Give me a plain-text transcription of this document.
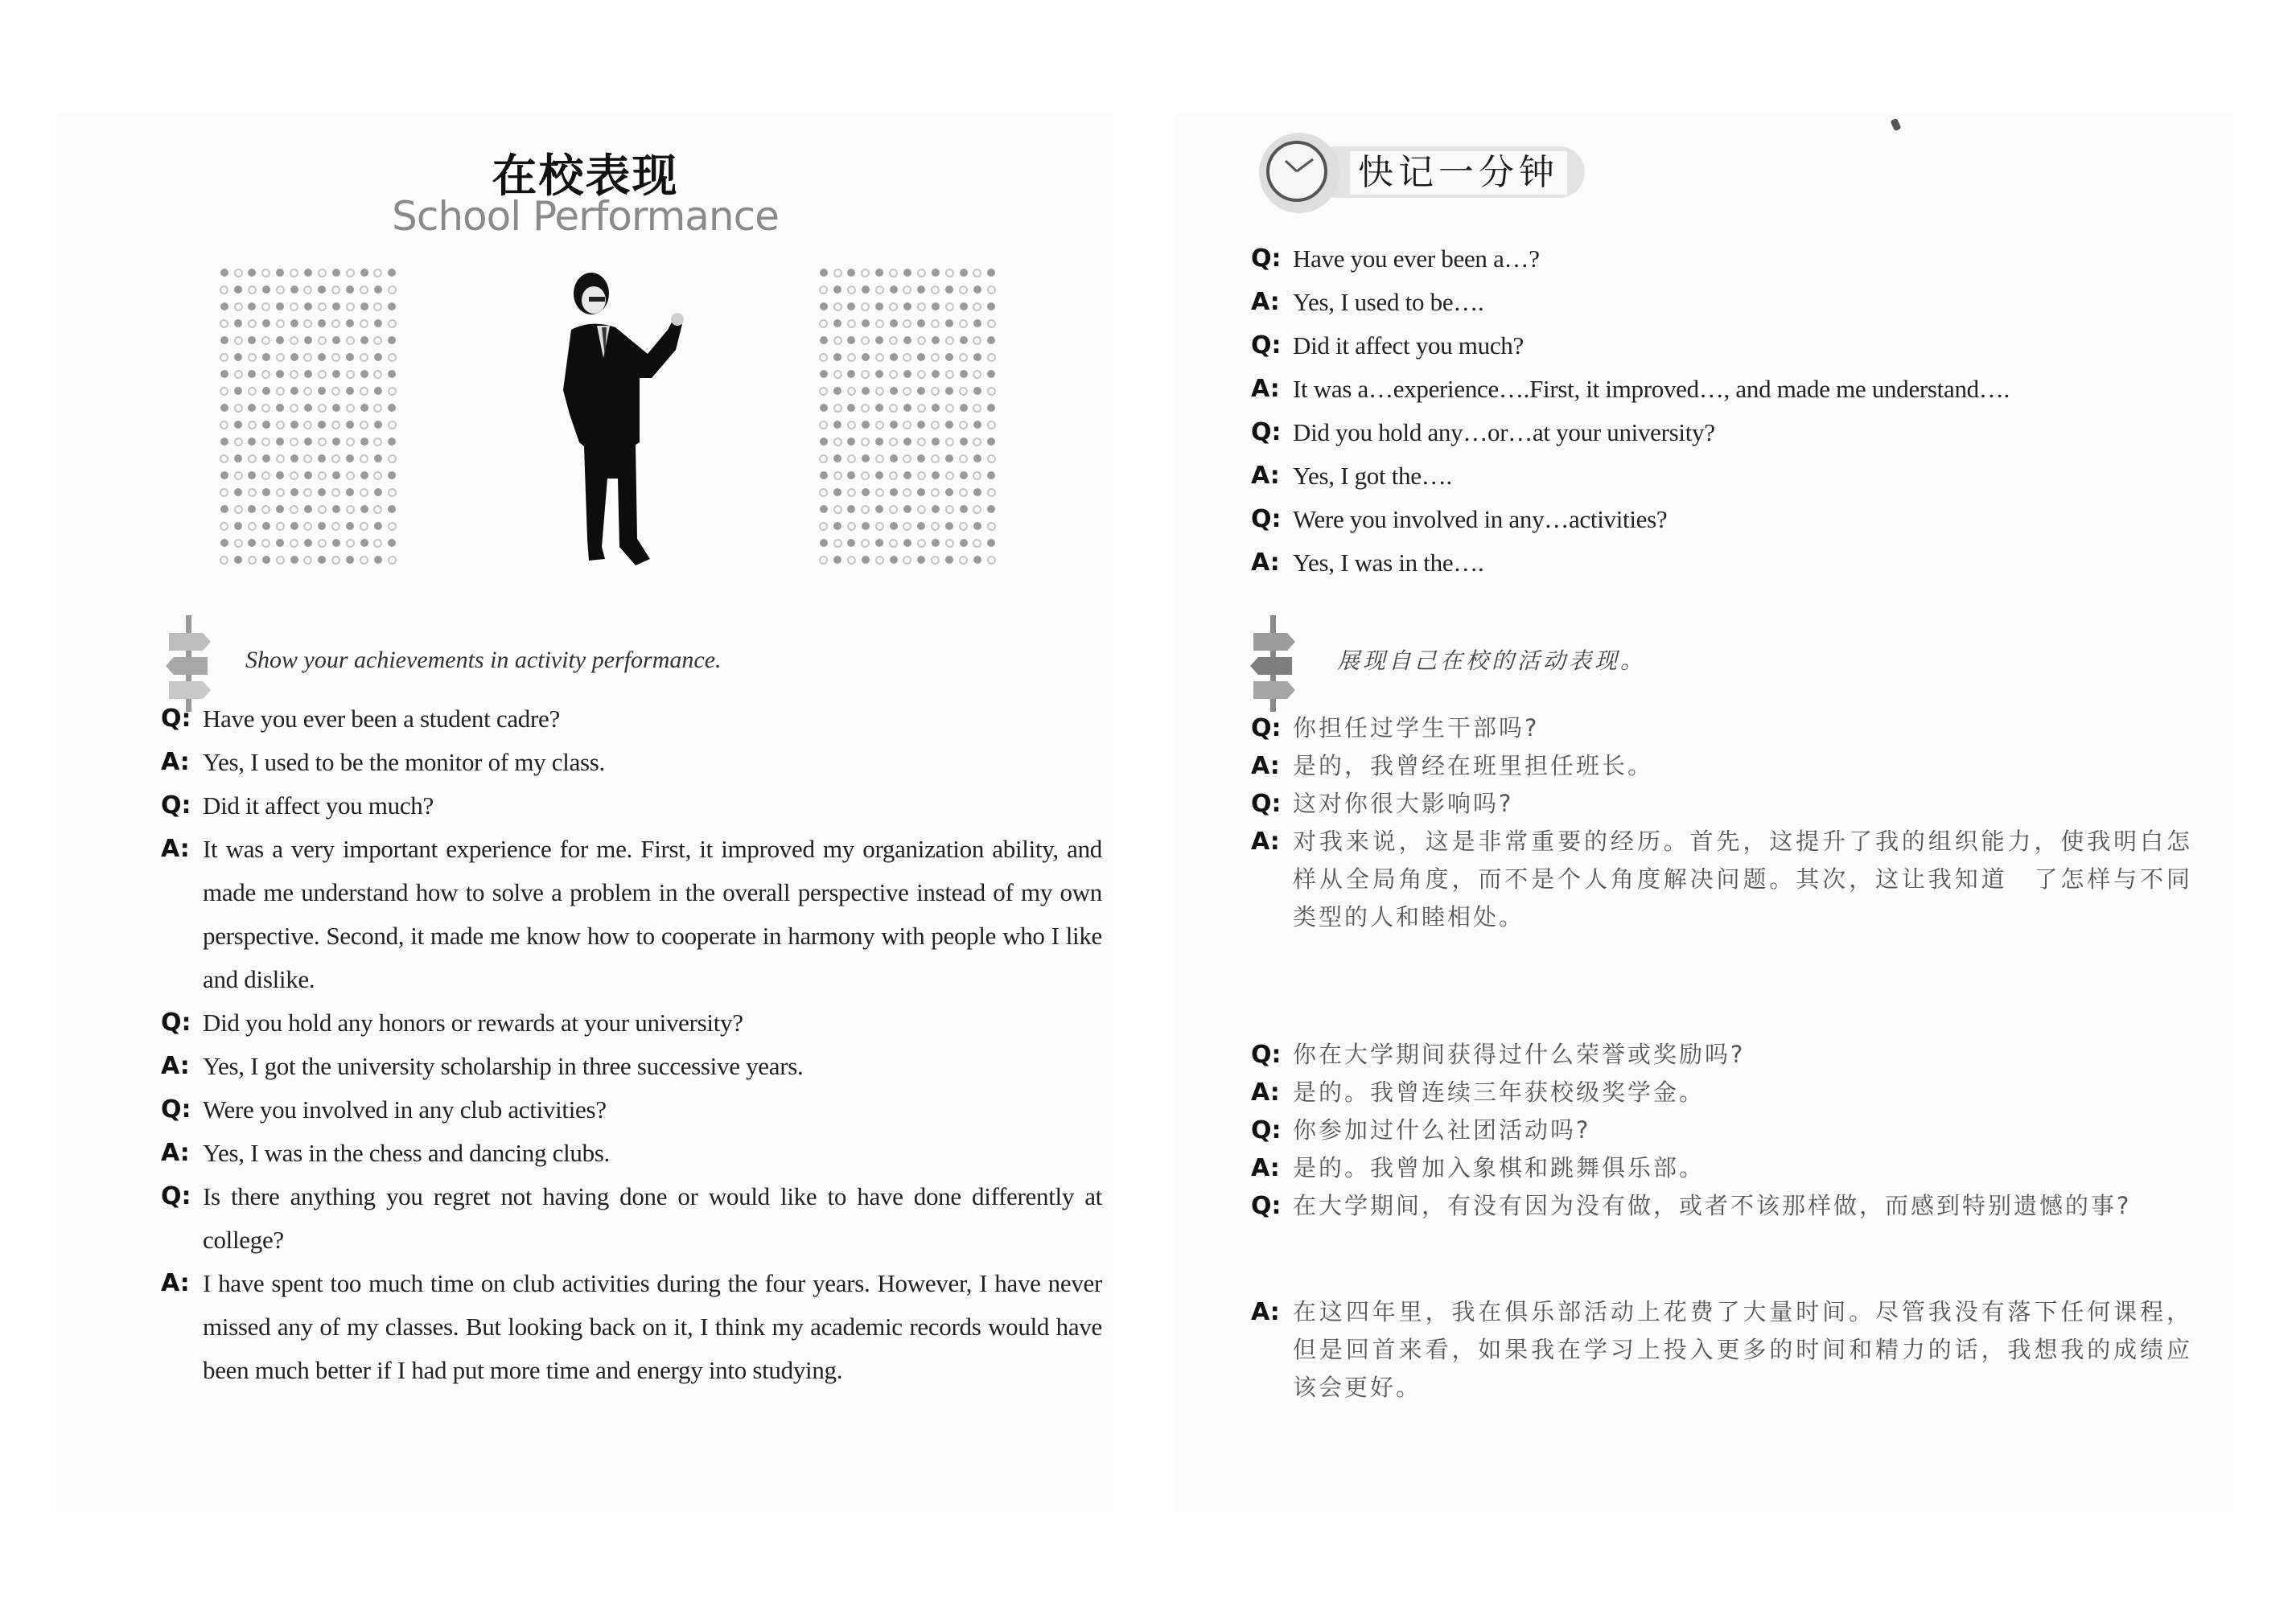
在校表现
School Performance
Show your achievements in activity performance.
Q: Have you ever been a student cadre?
A: Yes, I used to be the monitor of my class.
Q: Did it affect you much?
A: It was a very important experience for me. First, it improved my organization ability, and made me understand how to solve a problem in the overall perspective instead of my own perspective. Second, it made me know how to cooperate in harmony with people who I like and dislike.
Q: Did you hold any honors or rewards at your university?
A: Yes, I got the university scholarship in three successive years.
Q: Were you involved in any club activities?
A: Yes, I was in the chess and dancing clubs.
Q: Is there anything you regret not having done or would like to have done differently at college?
A: I have spent too much time on club activities during the four years. However, I have never missed any of my classes. But looking back on it, I think my academic records would have been much better if I had put more time and energy into studying.
快记一分钟
Q: Have you ever been a…?
A: Yes, I used to be….
Q: Did it affect you much?
A: It was a…experience….First, it improved…, and made me understand….
Q: Did you hold any…or…at your university?
A: Yes, I got the….
Q: Were you involved in any…activities?
A: Yes, I was in the….
展现自己在校的活动表现。
Q: 你担任过学生干部吗?
A: 是的，我曾经在班里担任班长。
Q: 这对你很大影响吗?
A: 对我来说，这是非常重要的经历。首先，这提升了我的组织能力，使我明白怎样从全局角度，而不是个人角度解决问题。其次，这让我知道　了怎样与不同类型的人和睦相处。
Q: 你在大学期间获得过什么荣誉或奖励吗?
A: 是的。我曾连续三年获校级奖学金。
Q: 你参加过什么社团活动吗?
A: 是的。我曾加入象棋和跳舞俱乐部。
Q: 在大学期间，有没有因为没有做，或者不该那样做，而感到特别遗憾的事?
A: 在这四年里，我在俱乐部活动上花费了大量时间。尽管我没有落下任何课程，但是回首来看，如果我在学习上投入更多的时间和精力的话，我想我的成绩应该会更好。
